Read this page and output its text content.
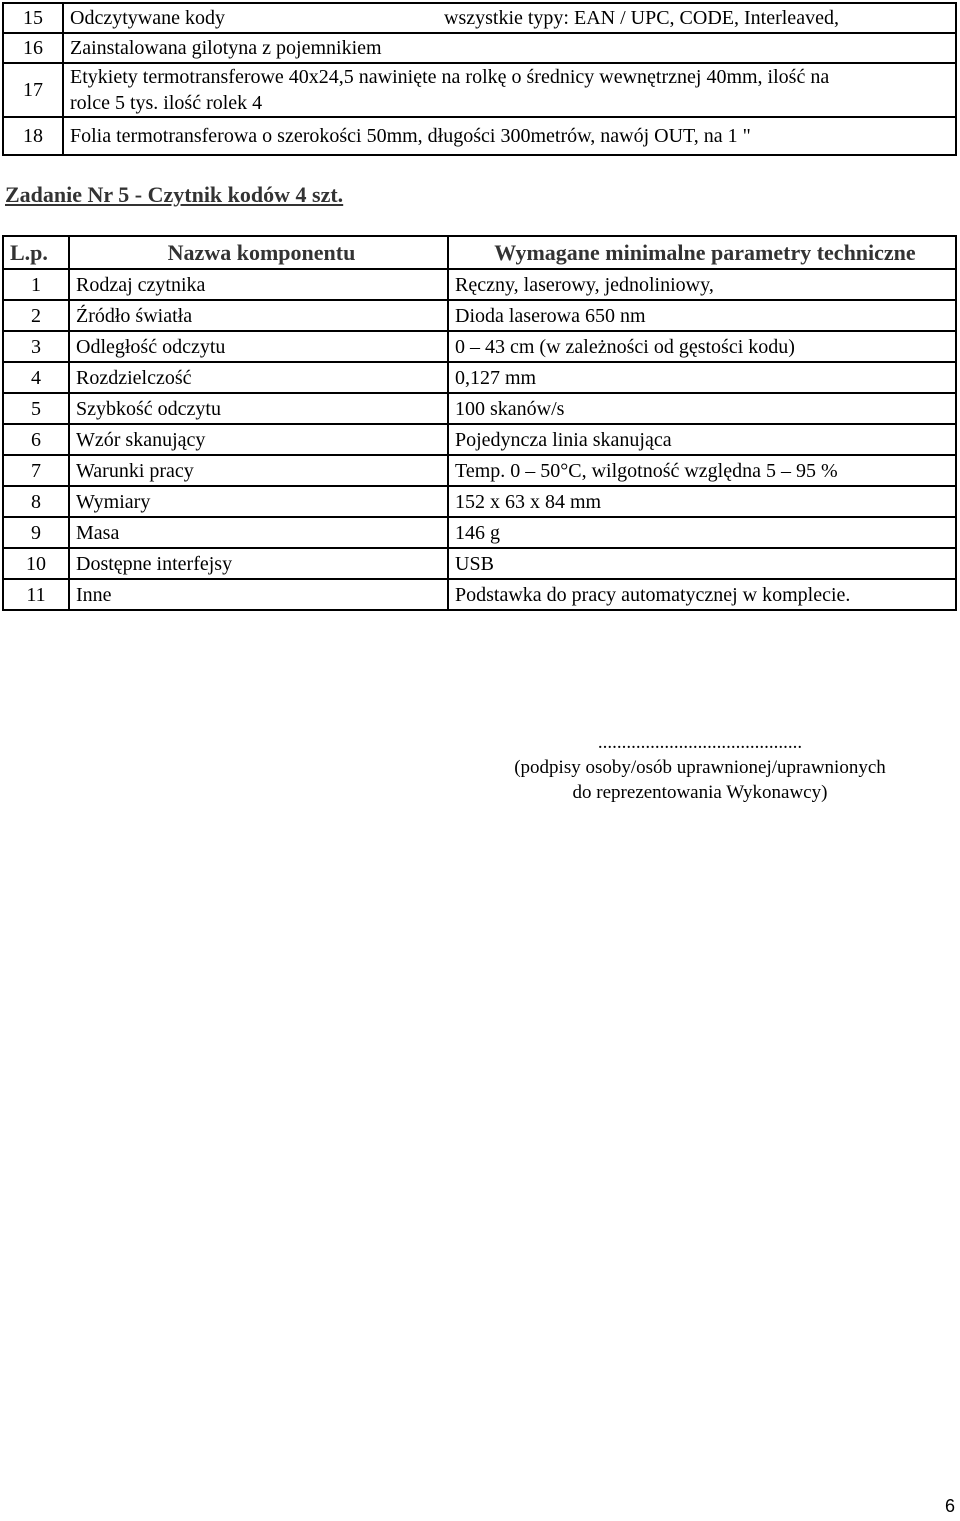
15	Odczytywane kody wszystkie typy: EAN / UPC, CODE, Interleaved,
16	Zainstalowana gilotyna z pojemnikiem
17	Etykiety termotransferowe 40x24,5 nawinięte na rolkę o średnicy wewnętrznej 40mm, ilość na
rolce 5 tys. ilość rolek 4

18	Folia termotransferowa o szerokości 50mm, długości 300metrów, nawój OUT, na 1 "

Zadanie Nr 5 - Czytnik kodów 4 szt.

L.p.	Nazwa komponentu	Wymagane minimalne parametry techniczne
1	Rodzaj czytnika	Ręczny, laserowy, jednoliniowy,
2	Źródło światła	Dioda laserowa 650 nm
3	Odległość odczytu	0 – 43 cm (w zależności od gęstości kodu)
4	Rozdzielczość	0,127 mm
5	Szybkość odczytu	100 skanów/s
6	Wzór skanujący	Pojedyncza linia skanująca
7	Warunki pracy	Temp. 0 – 50°C, wilgotność względna 5 – 95 %
8	Wymiary	152 x 63 x 84 mm
9	Masa	146 g
10	Dostępne interfejsy	USB
11	Inne	Podstawka do pracy automatycznej w komplecie.
...........................................
(podpisy osoby/osób uprawnionej/uprawnionych
do reprezentowania Wykonawcy)
6
